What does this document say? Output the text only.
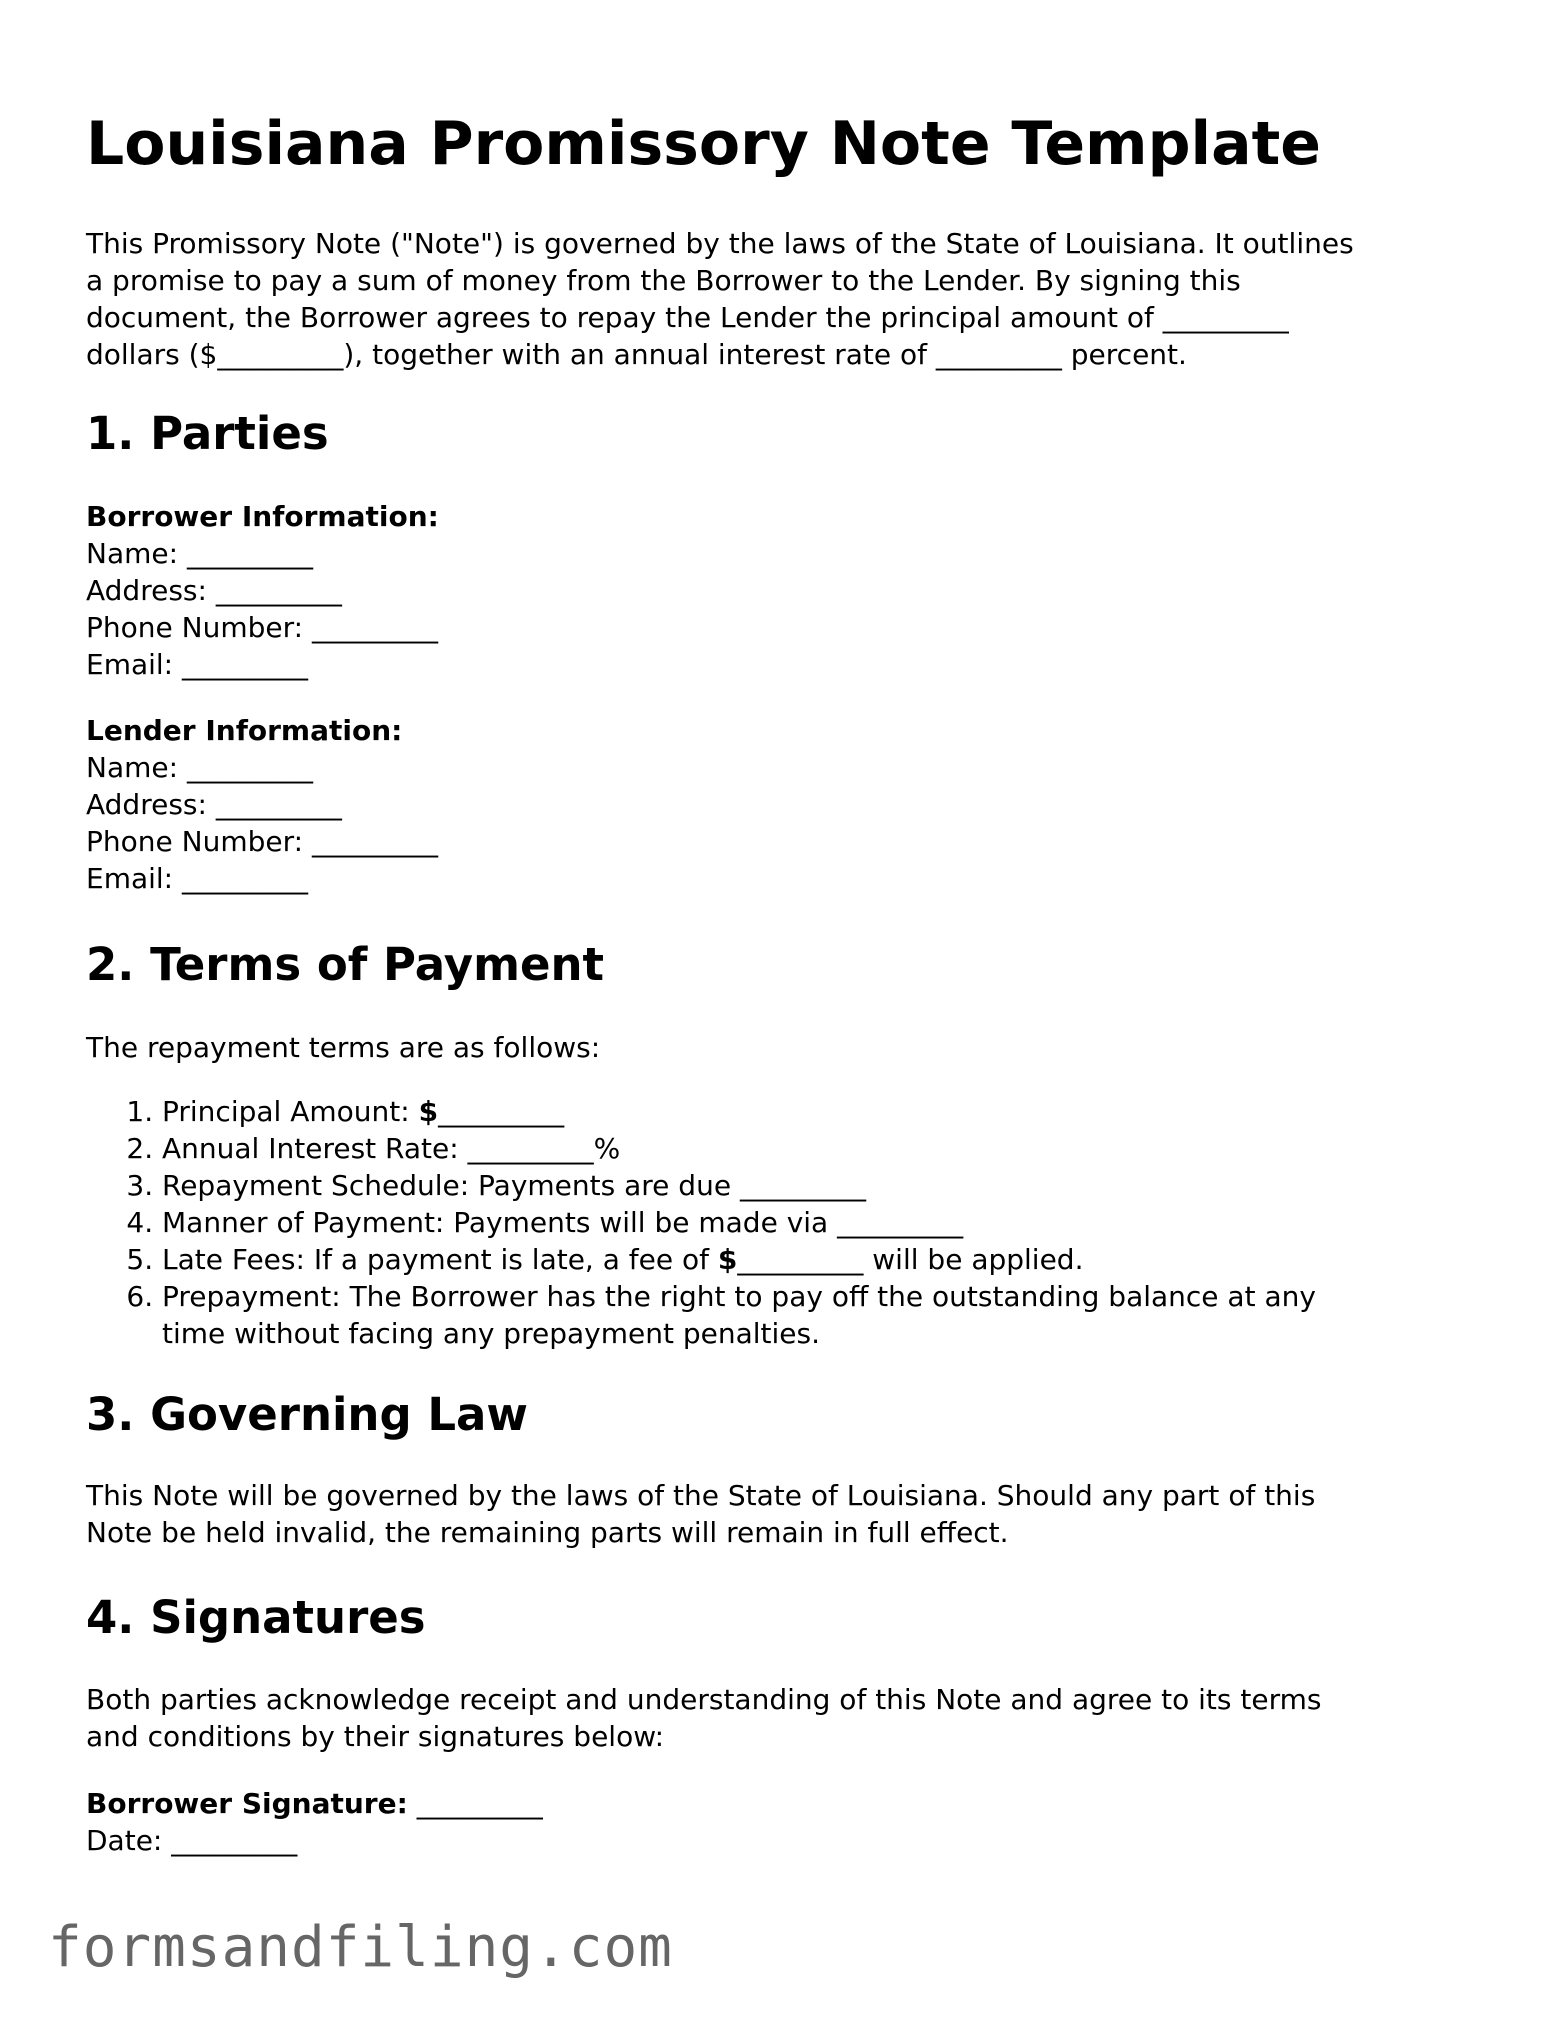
Louisiana Promissory Note Template

This Promissory Note ("Note") is governed by the laws of the State of Louisiana. It outlines
a promise to pay a sum of money from the Borrower to the Lender. By signing this
document, the Borrower agrees to repay the Lender the principal amount of _________
dollars ($_________), together with an annual interest rate of _________ percent.

1. Parties
Borrower Information:
Name: _________
Address: _________
Phone Number: _________
Email: _________
Lender Information:
Name: _________
Address: _________
Phone Number: _________
Email: _________
2. Terms of Payment
The repayment terms are as follows:
1. Principal Amount: $_________
2. Annual Interest Rate: _________%
3. Repayment Schedule: Payments are due _________
4. Manner of Payment: Payments will be made via _________
5. Late Fees: If a payment is late, a fee of $_________ will be applied.
6. Prepayment: The Borrower has the right to pay off the outstanding balance at any
time without facing any prepayment penalties.
3. Governing Law
This Note will be governed by the laws of the State of Louisiana. Should any part of this
Note be held invalid, the remaining parts will remain in full effect.
4. Signatures
Both parties acknowledge receipt and understanding of this Note and agree to its terms
and conditions by their signatures below:
Borrower Signature: _________
Date: _________
formsandfiling.com
